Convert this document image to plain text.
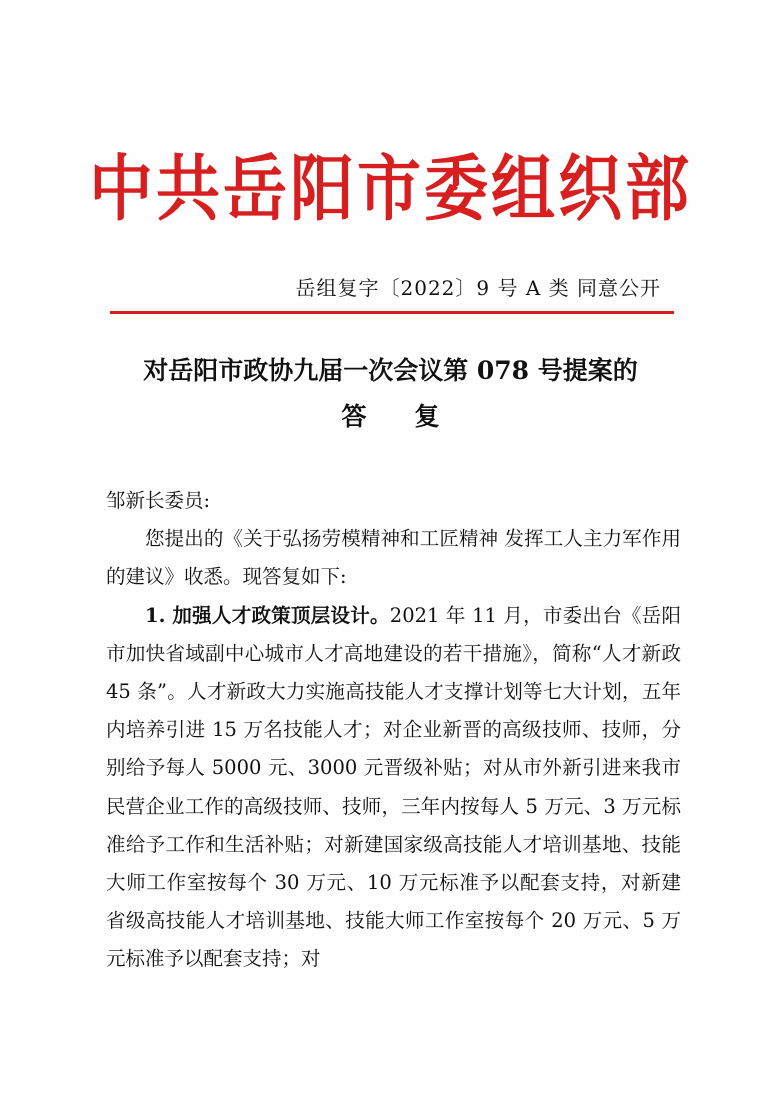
中共岳阳市委组织部
岳组复字〔2022〕9 号 A 类 同意公开
对岳阳市政协九届一次会议第 078 号提案的
答复

邹新长委员:

您提出的《关于弘扬劳模精神和工匠精神 发挥工人主力军作用的建议》收悉。现答复如下:

1. 加强人才政策顶层设计。2021 年 11 月，市委出台《岳阳市加快省域副中心城市人才高地建设的若干措施》，简称“人才新政 45 条”。人才新政大力实施高技能人才支撑计划等七大计划，五年内培养引进 15 万名技能人才；对企业新晋的高级技师、技师，分别给予每人 5000 元、3000 元晋级补贴；对从市外新引进来我市民营企业工作的高级技师、技师，三年内按每人 5 万元、3 万元标准给予工作和生活补贴；对新建国家级高技能人才培训基地、技能大师工作室按每个 30 万元、10 万元标准予以配套支持，对新建省级高技能人才培训基地、技能大师工作室按每个 20 万元、5 万元标准予以配套支持；对
